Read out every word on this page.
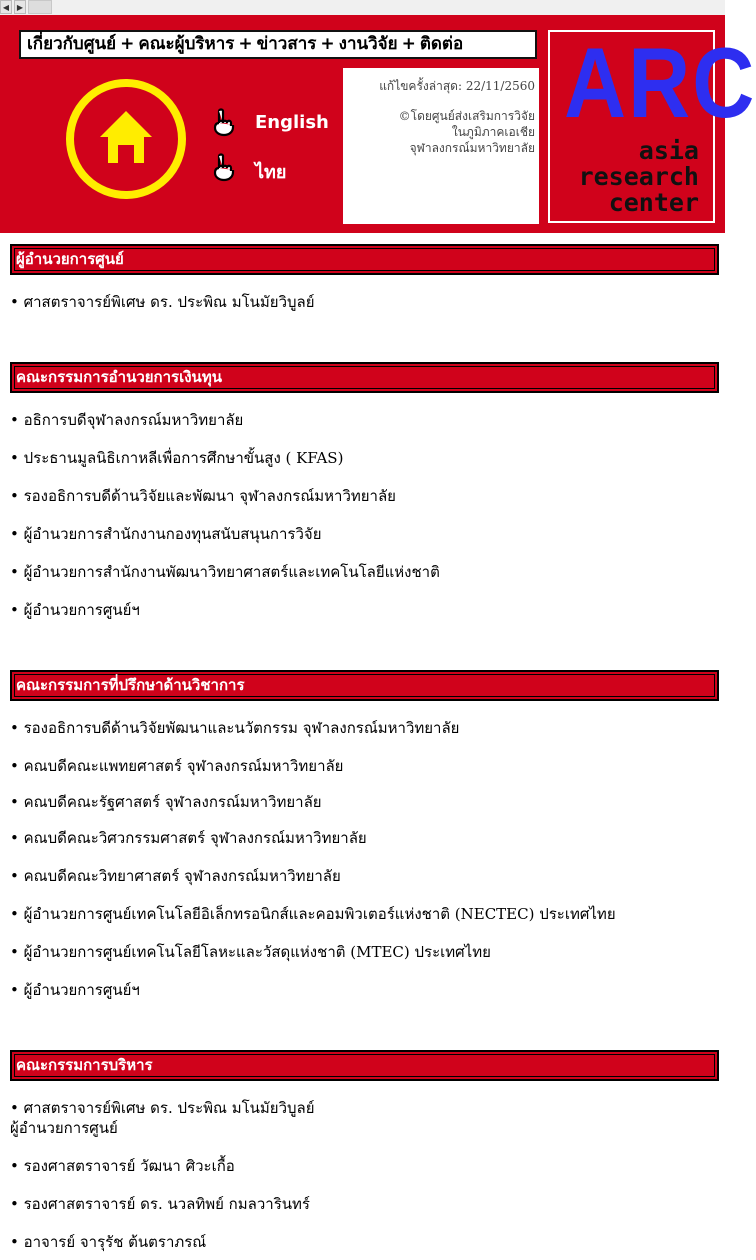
◀ ▶
เกี่ยวกับศูนย์ + คณะผู้บริหาร + ข่าวสาร + งานวิจัย + ติดต่อ
English
ไทย
แก้ไขครั้งล่าสุด: 22/11/2560
©โดยศูนย์ส่งเสริมการวิจัย
ในภูมิภาคเอเชีย
จุฬาลงกรณ์มหาวิทยาลัย
ARC
asia
research
center
ผู้อำนวยการศูนย์
• ศาสตราจารย์พิเศษ ดร. ประพิณ มโนมัยวิบูลย์
คณะกรรมการอำนวยการเงินทุน
• อธิการบดีจุฬาลงกรณ์มหาวิทยาลัย
• ประธานมูลนิธิเกาหลีเพื่อการศึกษาขั้นสูง ( KFAS)
• รองอธิการบดีด้านวิจัยและพัฒนา จุฬาลงกรณ์มหาวิทยาลัย
• ผู้อำนวยการสำนักงานกองทุนสนับสนุนการวิจัย
• ผู้อำนวยการสำนักงานพัฒนาวิทยาศาสตร์และเทคโนโลยีแห่งชาติ
• ผู้อำนวยการศูนย์ฯ
คณะกรรมการที่ปรึกษาด้านวิชาการ
• รองอธิการบดีด้านวิจัยพัฒนาและนวัตกรรม จุฬาลงกรณ์มหาวิทยาลัย
• คณบดีคณะแพทยศาสตร์ จุฬาลงกรณ์มหาวิทยาลัย
• คณบดีคณะรัฐศาสตร์ จุฬาลงกรณ์มหาวิทยาลัย
• คณบดีคณะวิศวกรรมศาสตร์ จุฬาลงกรณ์มหาวิทยาลัย
• คณบดีคณะวิทยาศาสตร์ จุฬาลงกรณ์มหาวิทยาลัย
• ผู้อำนวยการศูนย์เทคโนโลยีอิเล็กทรอนิกส์และคอมพิวเตอร์แห่งชาติ (NECTEC) ประเทศไทย
• ผู้อำนวยการศูนย์เทคโนโลยีโลหะและวัสดุแห่งชาติ (MTEC) ประเทศไทย
• ผู้อำนวยการศูนย์ฯ
คณะกรรมการบริหาร
• ศาสตราจารย์พิเศษ ดร. ประพิณ มโนมัยวิบูลย์
ผู้อำนวยการศูนย์
• รองศาสตราจารย์ วัฒนา ศิวะเกื้อ
• รองศาสตราจารย์ ดร. นวลทิพย์ กมลวารินทร์
• อาจารย์ จารุรัช ต้นตราภรณ์
